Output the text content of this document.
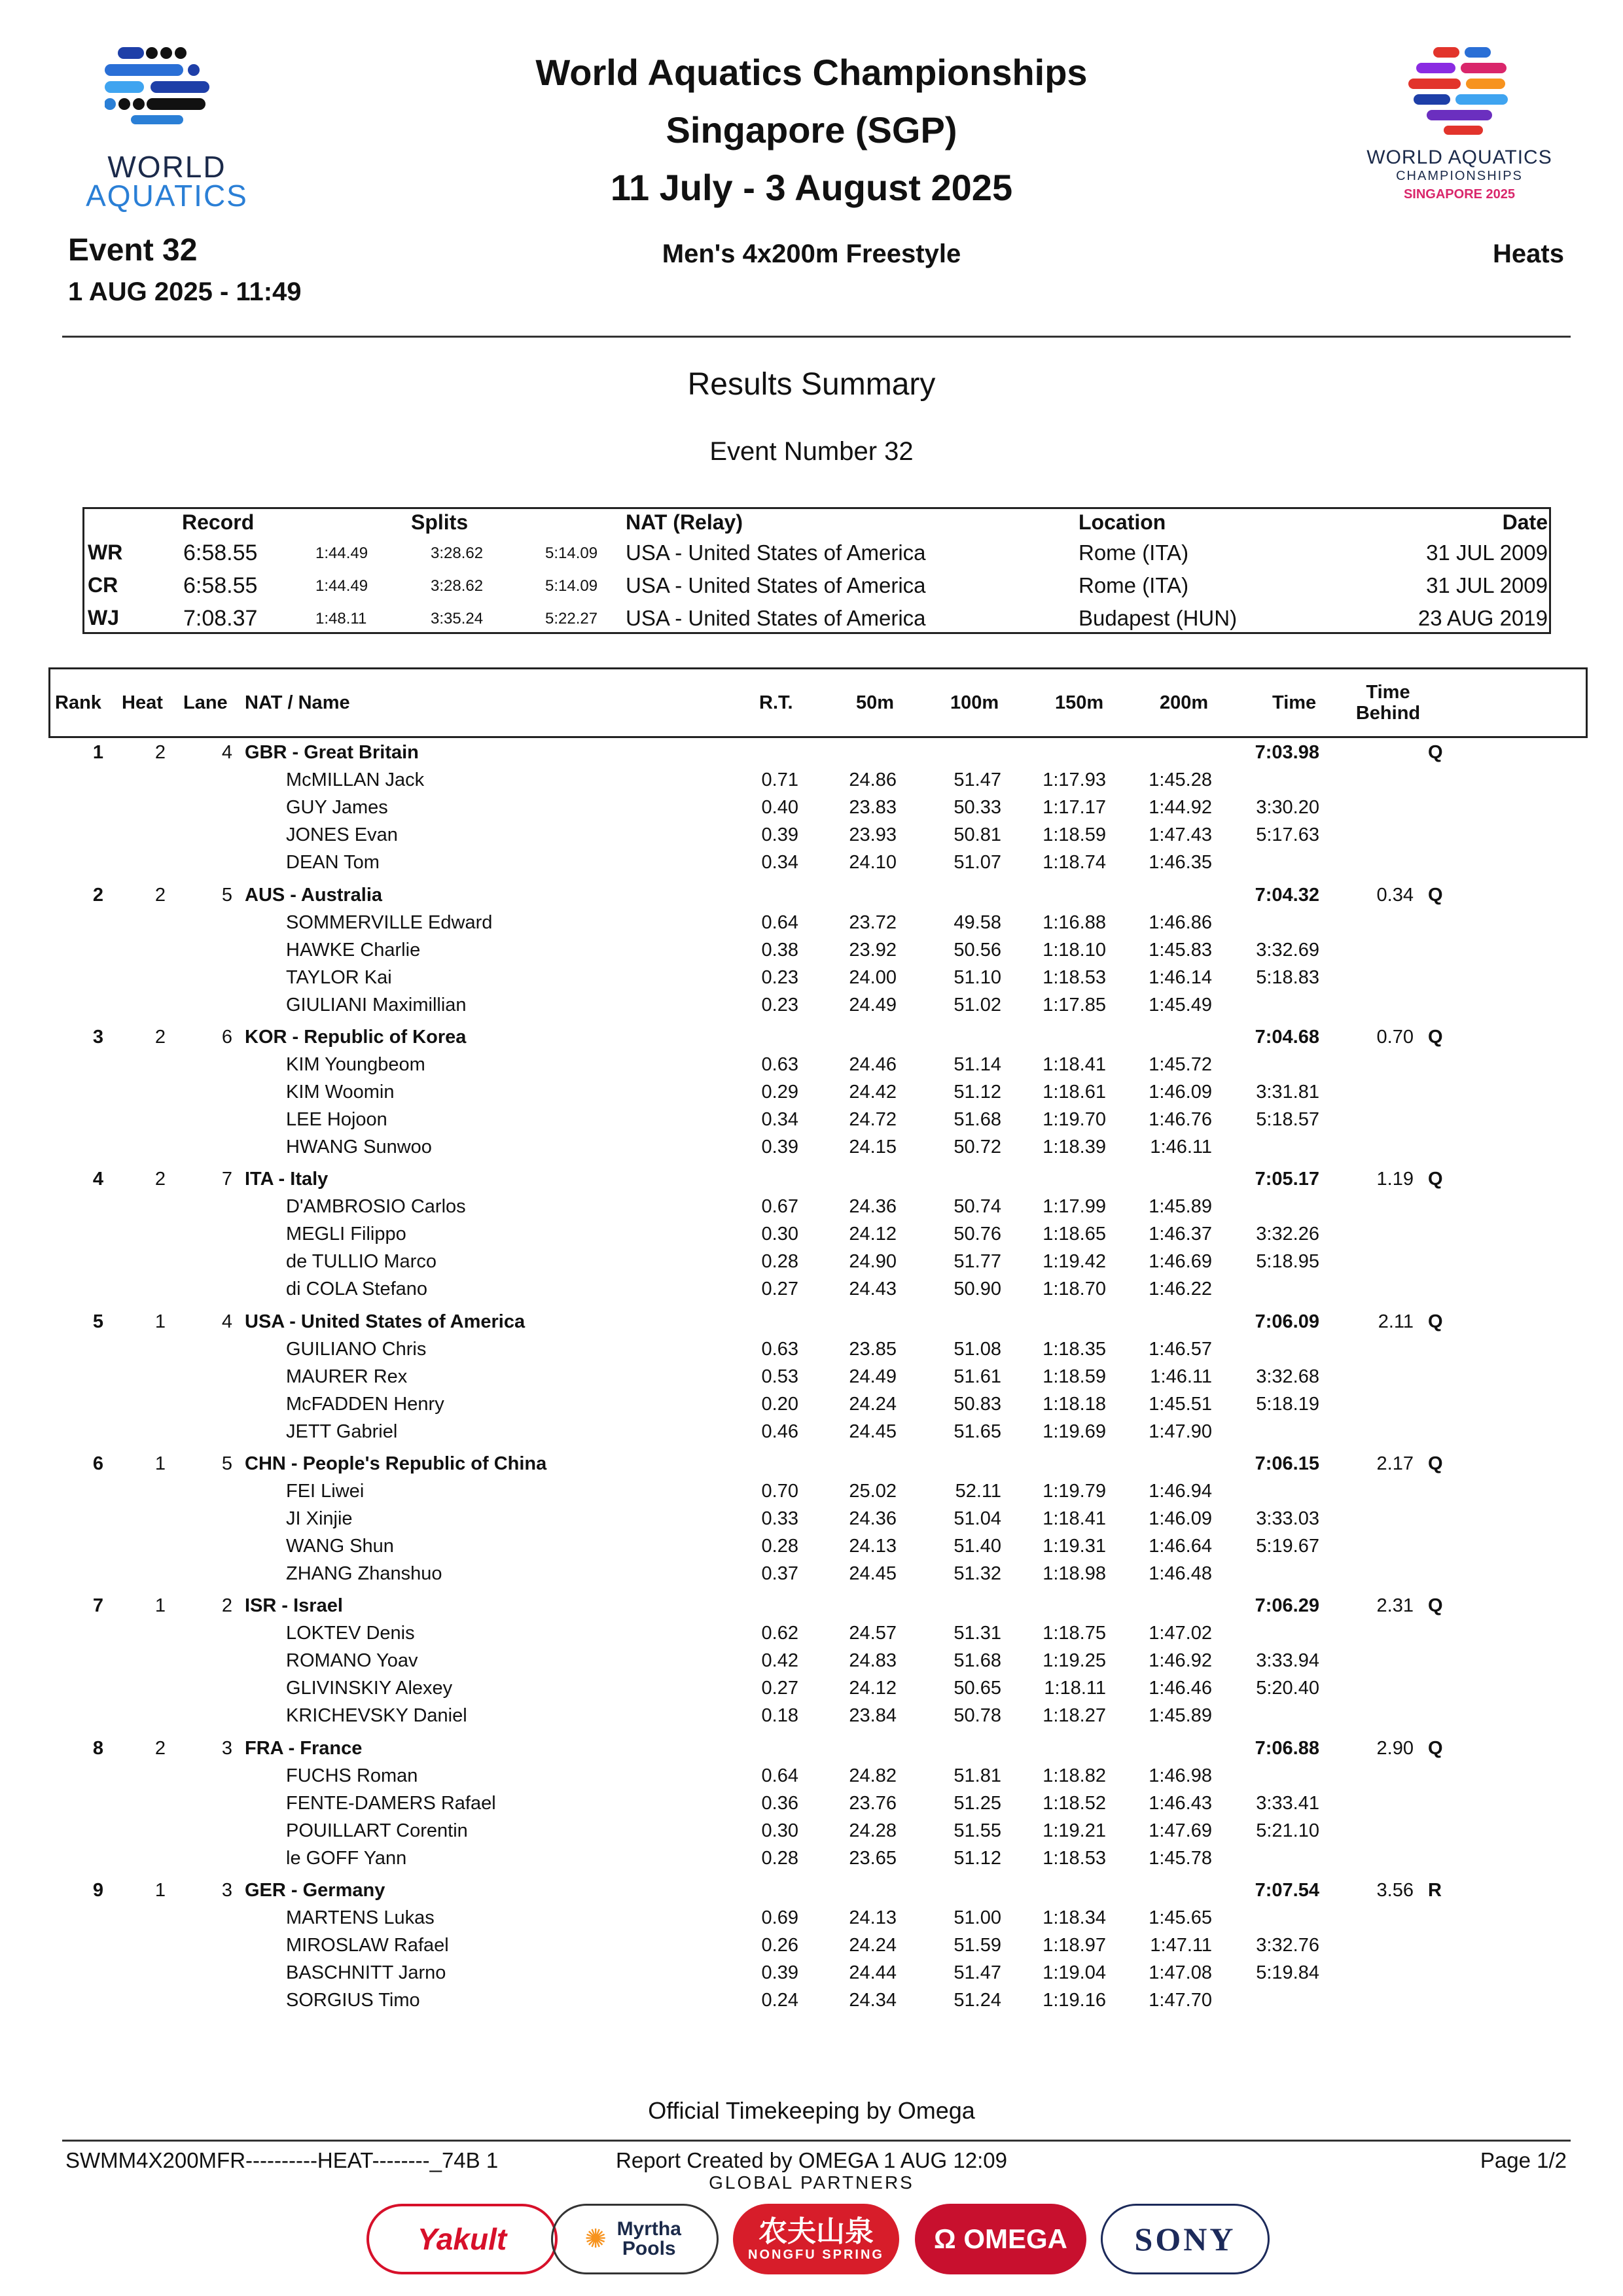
WORLD
AQUATICS
WORLD AQUATICS
CHAMPIONSHIPS
SINGAPORE 2025
World Aquatics Championships
Singapore (SGP)
11 July - 3 August 2025
Event 32
1 AUG 2025 - 11:49
Men's 4x200m Freestyle	Heats
Results Summary
Event Number 32
Record	Splits	NAT (Relay)	Location	Date
WR	6:58.55	1:44.49	3:28.62	5:14.09 USA - United States of America	Rome (ITA)	31 JUL 2009
CR	6:58.55	1:44.49	3:28.62	5:14.09 USA - United States of America	Rome (ITA)	31 JUL 2009
WJ	7:08.37	1:48.11	3:35.24	5:22.27 USA - United States of America	Budapest (HUN)	23 AUG 2019
Rank Heat Lane NAT / Name	R.T.	50m	100m	150m	200m	Time	Time
Behind
1	2	4 GBR - Great Britain	7:03.98	Q
McMILLAN Jack	0.71	24.86	51.47	1:17.93	1:45.28
GUY James	0.40	23.83	50.33	1:17.17	1:44.92	3:30.20
JONES Evan	0.39	23.93	50.81	1:18.59	1:47.43	5:17.63
DEAN Tom	0.34	24.10	51.07	1:18.74	1:46.35
2	2	5 AUS - Australia	7:04.32	0.34 Q
SOMMERVILLE Edward	0.64	23.72	49.58	1:16.88	1:46.86
HAWKE Charlie	0.38	23.92	50.56	1:18.10	1:45.83	3:32.69
TAYLOR Kai	0.23	24.00	51.10	1:18.53	1:46.14	5:18.83
GIULIANI Maximillian	0.23	24.49	51.02	1:17.85	1:45.49
3	2	6 KOR - Republic of Korea	7:04.68	0.70 Q
KIM Youngbeom	0.63	24.46	51.14	1:18.41	1:45.72
KIM Woomin	0.29	24.42	51.12	1:18.61	1:46.09	3:31.81
LEE Hojoon	0.34	24.72	51.68	1:19.70	1:46.76	5:18.57
HWANG Sunwoo	0.39	24.15	50.72	1:18.39	1:46.11
4	2	7 ITA - Italy	7:05.17	1.19 Q
D'AMBROSIO Carlos	0.67	24.36	50.74	1:17.99	1:45.89
MEGLI Filippo	0.30	24.12	50.76	1:18.65	1:46.37	3:32.26
de TULLIO Marco	0.28	24.90	51.77	1:19.42	1:46.69	5:18.95
di COLA Stefano	0.27	24.43	50.90	1:18.70	1:46.22
5	1	4 USA - United States of America	7:06.09	2.11 Q
GUILIANO Chris	0.63	23.85	51.08	1:18.35	1:46.57
MAURER Rex	0.53	24.49	51.61	1:18.59	1:46.11	3:32.68
McFADDEN Henry	0.20	24.24	50.83	1:18.18	1:45.51	5:18.19
JETT Gabriel	0.46	24.45	51.65	1:19.69	1:47.90
6	1	5 CHN - People's Republic of China	7:06.15	2.17 Q
FEI Liwei	0.70	25.02	52.11	1:19.79	1:46.94
JI Xinjie	0.33	24.36	51.04	1:18.41	1:46.09	3:33.03
WANG Shun	0.28	24.13	51.40	1:19.31	1:46.64	5:19.67
ZHANG Zhanshuo	0.37	24.45	51.32	1:18.98	1:46.48
7	1	2 ISR - Israel	7:06.29	2.31 Q
LOKTEV Denis	0.62	24.57	51.31	1:18.75	1:47.02
ROMANO Yoav	0.42	24.83	51.68	1:19.25	1:46.92	3:33.94
GLIVINSKIY Alexey	0.27	24.12	50.65	1:18.11	1:46.46	5:20.40
KRICHEVSKY Daniel	0.18	23.84	50.78	1:18.27	1:45.89
8	2	3 FRA - France	7:06.88	2.90 Q
FUCHS Roman	0.64	24.82	51.81	1:18.82	1:46.98
FENTE-DAMERS Rafael	0.36	23.76	51.25	1:18.52	1:46.43	3:33.41
POUILLART Corentin	0.30	24.28	51.55	1:19.21	1:47.69	5:21.10
le GOFF Yann	0.28	23.65	51.12	1:18.53	1:45.78
9	1	3 GER - Germany	7:07.54	3.56 R
MARTENS Lukas	0.69	24.13	51.00	1:18.34	1:45.65
MIROSLAW Rafael	0.26	24.24	51.59	1:18.97	1:47.11	3:32.76
BASCHNITT Jarno	0.39	24.44	51.47	1:19.04	1:47.08	5:19.84
SORGIUS Timo	0.24	24.34	51.24	1:19.16	1:47.70
Official Timekeeping by Omega
SWMM4X200MFR----------HEAT--------_74B 1	Report Created by OMEGA 1 AUG 12:09	Page 1/2
GLOBAL PARTNERS
Yakult	✺ Myrtha Pools
农夫山泉
NONGFU SPRING
Ω OMEGA SONY
